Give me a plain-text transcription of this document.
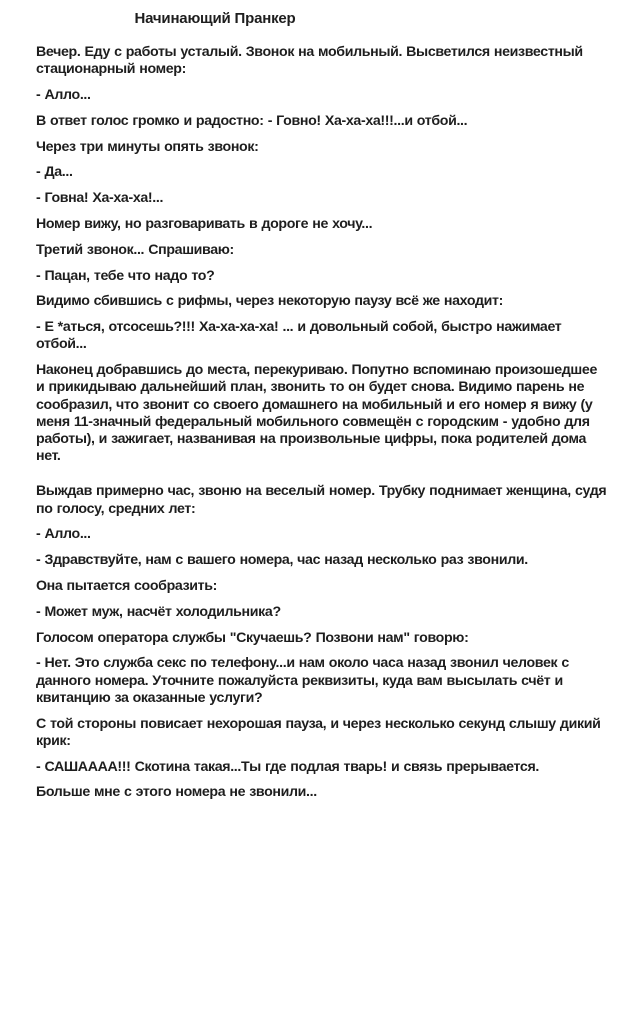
Начинающий Пранкер

Вечер. Еду с работы усталый. Звонок на мобильный. Высветился неизвестный стационарный номер:

- Алло...

В ответ голос громко и радостно: - Говно! Ха-ха-ха!!!...и отбой...

Через три минуты опять звонок:

- Да...

- Говна! Ха-ха-ха!...

Номер вижу, но разговаривать в дороге не хочу...

Третий звонок... Спрашиваю:

- Пацан, тебе что надо то?

Видимо сбившись с рифмы, через некоторую паузу всё же находит:

- Е *аться, отсосешь?!!! Ха-ха-ха-ха! ... и довольный собой, быстро нажимает отбой...

Наконец добравшись до места, перекуриваю. Попутно вспоминаю произошедшее и прикидываю дальнейший план, звонить то он будет снова. Видимо парень не сообразил, что звонит со своего домашнего на мобильный и его номер я вижу (у меня 11-значный федеральный мобильного совмещён с городским - удобно для работы), и зажигает, названивая на произвольные цифры, пока родителей дома нет.

Выждав примерно час, звоню на веселый номер. Трубку поднимает женщина, судя по голосу, средних лет:

- Алло...

- Здравствуйте, нам с вашего номера, час назад несколько раз звонили.

Она пытается сообразить:

- Может муж, насчёт холодильника?

Голосом оператора службы "Скучаешь? Позвони нам" говорю:

- Нет. Это служба секс по телефону...и нам около часа назад звонил человек с данного номера. Уточните пожалуйста реквизиты, куда вам высылать счёт и квитанцию за оказанные услуги?

С той стороны повисает нехорошая пауза, и через несколько секунд слышу дикий крик:

- САШАААА!!! Скотина такая...Ты где подлая тварь! и связь прерывается.

Больше мне с этого номера не звонили...
